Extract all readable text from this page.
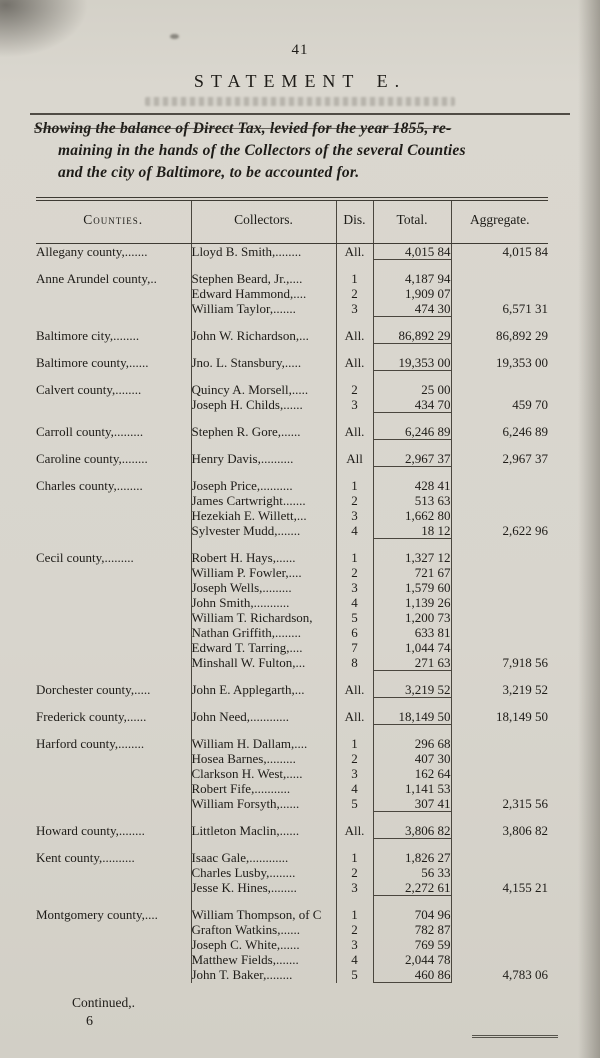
41
STATEMENT E.
Showing the balance of Direct Tax, levied for the year 1855, re-
maining in the hands of the Collectors of the several Counties
and the city of Baltimore, to be accounted for.
Counties.	Collectors.	Dis.	Total.	Aggregate.
Allegany county,.......	Lloyd B. Smith,........	All.	4,015 84	4,015 84

Anne Arundel county,..	Stephen Beard, Jr.,....	1	4,187 94	
	Edward Hammond,....	2	1,909 07	
	William Taylor,.......	3	474 30	6,571 31

Baltimore city,........	John W. Richardson,...	All.	86,892 29	86,892 29

Baltimore county,......	Jno. L. Stansbury,.....	All.	19,353 00	19,353 00

Calvert county,........	Quincy A. Morsell,.....	2	25 00	
	Joseph H. Childs,......	3	434 70	459 70

Carroll county,.........	Stephen R. Gore,......	All.	6,246 89	6,246 89

Caroline county,........	Henry Davis,..........	All	2,967 37	2,967 37

Charles county,........	Joseph Price,..........	1	428 41	
	James Cartwright.......	2	513 63	
	Hezekiah E. Willett,...	3	1,662 80	
	Sylvester Mudd,.......	4	18 12	2,622 96

Cecil county,.........	Robert H. Hays,......	1	1,327 12	
	William P. Fowler,....	2	721 67	
	Joseph Wells,.........	3	1,579 60	
	John Smith,...........	4	1,139 26	
	William T. Richardson,	5	1,200 73	
	Nathan Griffith,........	6	633 81	
	Edward T. Tarring,....	7	1,044 74	
	Minshall W. Fulton,...	8	271 63	7,918 56

Dorchester county,.....	John E. Applegarth,...	All.	3,219 52	3,219 52

Frederick county,......	John Need,............	All.	18,149 50	18,149 50

Harford county,........	William H. Dallam,....	1	296 68	
	Hosea Barnes,.........	2	407 30	
	Clarkson H. West,.....	3	162 64	
	Robert Fife,...........	4	1,141 53	
	William Forsyth,......	5	307 41	2,315 56

Howard county,........	Littleton Maclin,......	All.	3,806 82	3,806 82

Kent county,..........	Isaac Gale,............	1	1,826 27	
	Charles Lusby,........	2	56 33	
	Jesse K. Hines,........	3	2,272 61	4,155 21

Montgomery county,....	William Thompson, of C	1	704 96	
	Grafton Watkins,......	2	782 87	
	Joseph C. White,......	3	769 59	
	Matthew Fields,.......	4	2,044 78	
	John T. Baker,........	5	460 86	4,783 06
Continued,.
6
